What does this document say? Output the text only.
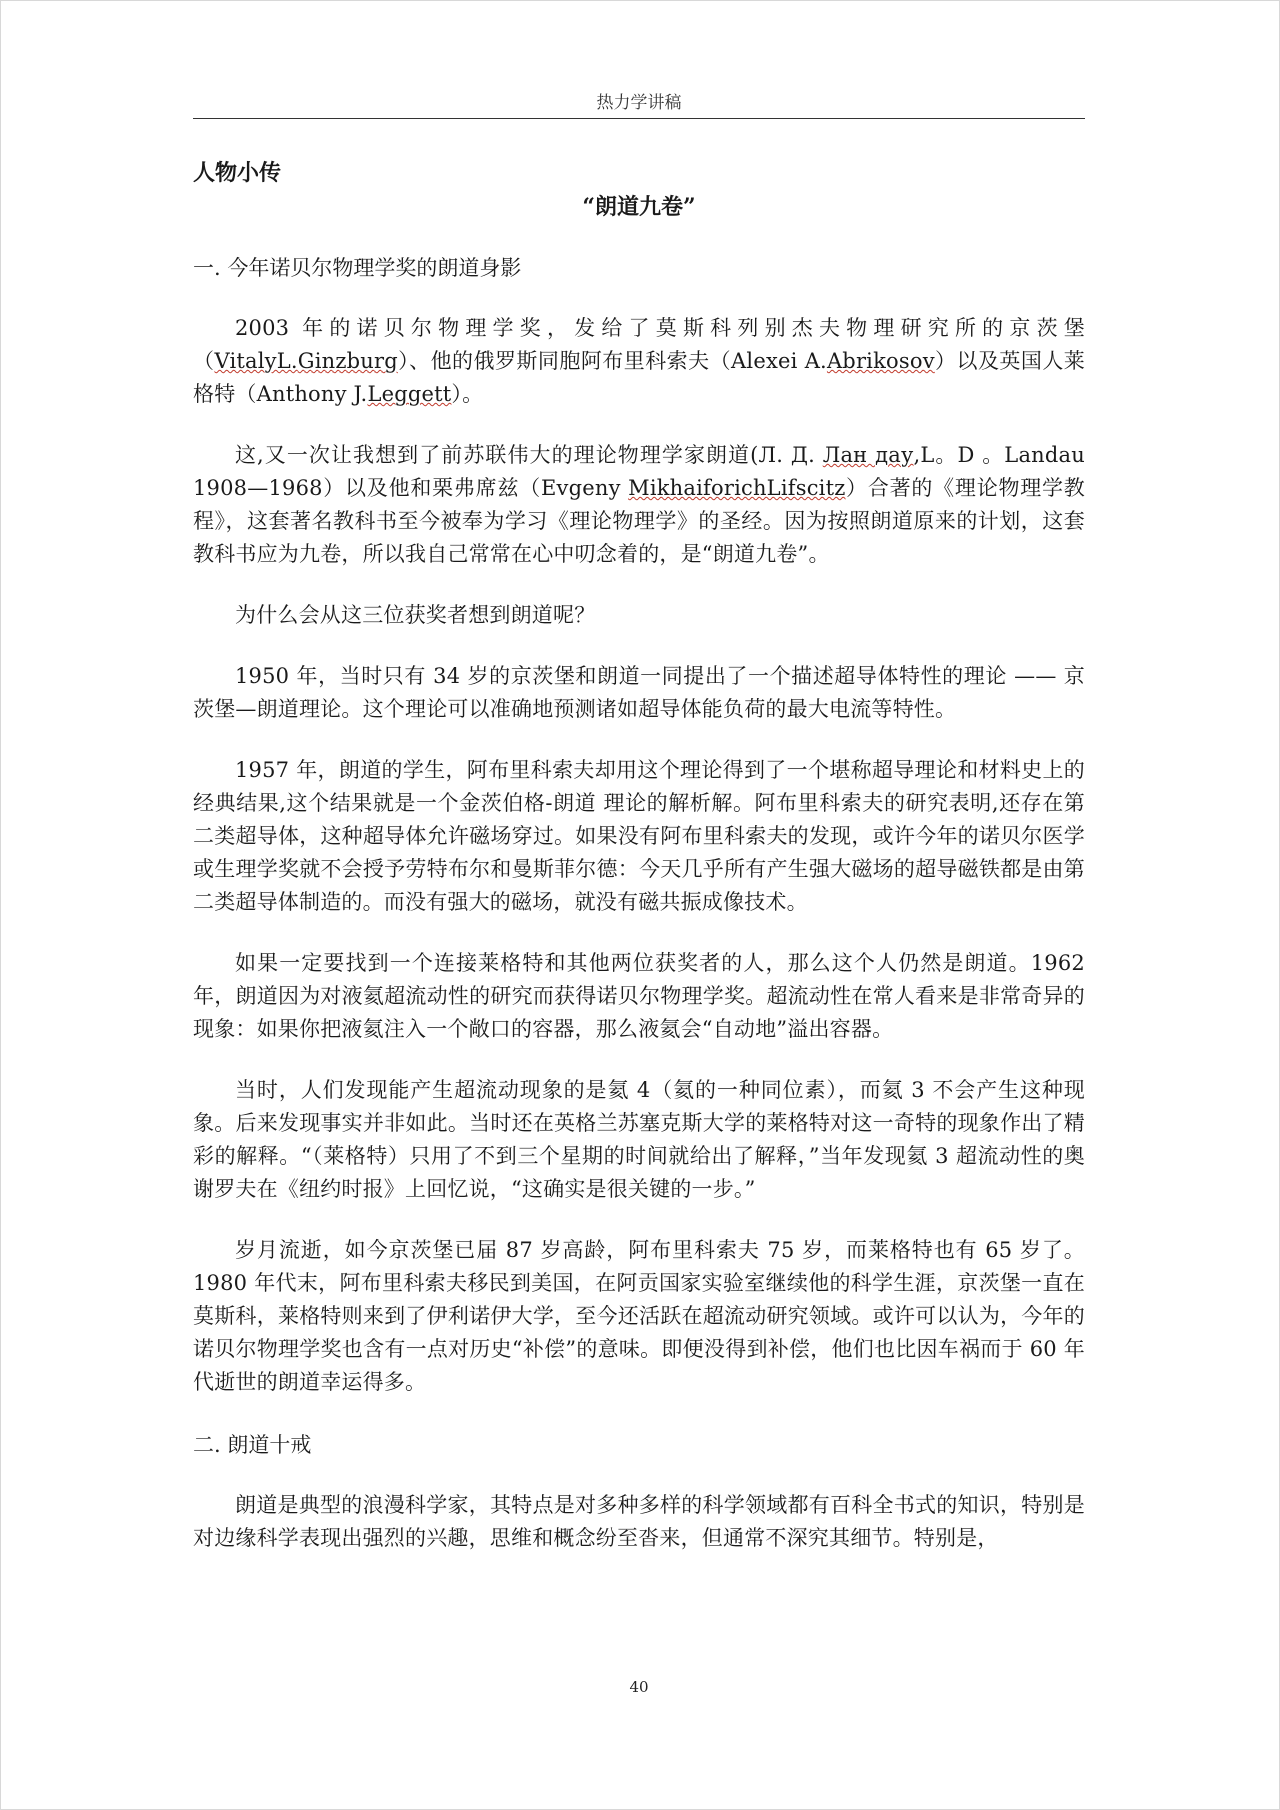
热力学讲稿
人物小传
“朗道九卷”
一. 今年诺贝尔物理学奖的朗道身影

2003 年的诺贝尔物理学奖，发给了莫斯科列别杰夫物理研究所的京茨堡（VitalyL.Ginzburg）、他的俄罗斯同胞阿布里科索夫（Alexei A.Abrikosov）以及英国人莱格特（Anthony J.Leggett）。

这,又一次让我想到了前苏联伟大的理论物理学家朗道(Л. Д. Лан дау,L。D 。Landau 1908—1968）以及他和栗弗席兹（Evgeny MikhaiforichLifscitz）合著的《理论物理学教程》，这套著名教科书至今被奉为学习《理论物理学》的圣经。因为按照朗道原来的计划，这套教科书应为九卷，所以我自己常常在心中叨念着的，是“朗道九卷”。

为什么会从这三位获奖者想到朗道呢？

1950 年，当时只有 34 岁的京茨堡和朗道一同提出了一个描述超导体特性的理论 —— 京茨堡—朗道理论。这个理论可以准确地预测诸如超导体能负荷的最大电流等特性。

1957 年，朗道的学生，阿布里科索夫却用这个理论得到了一个堪称超导理论和材料史上的经典结果,这个结果就是一个金茨伯格-朗道 理论的解析解。阿布里科索夫的研究表明,还存在第二类超导体，这种超导体允许磁场穿过。如果没有阿布里科索夫的发现，或许今年的诺贝尔医学或生理学奖就不会授予劳特布尔和曼斯菲尔德：今天几乎所有产生强大磁场的超导磁铁都是由第二类超导体制造的。而没有强大的磁场，就没有磁共振成像技术。

如果一定要找到一个连接莱格特和其他两位获奖者的人，那么这个人仍然是朗道。1962 年，朗道因为对液氦超流动性的研究而获得诺贝尔物理学奖。超流动性在常人看来是非常奇异的现象：如果你把液氦注入一个敞口的容器，那么液氦会“自动地”溢出容器。

当时，人们发现能产生超流动现象的是氦 4（氦的一种同位素），而氦 3 不会产生这种现象。后来发现事实并非如此。当时还在英格兰苏塞克斯大学的莱格特对这一奇特的现象作出了精彩的解释。“（莱格特）只用了不到三个星期的时间就给出了解释，”当年发现氦 3 超流动性的奥谢罗夫在《纽约时报》上回忆说，“这确实是很关键的一步。”

岁月流逝，如今京茨堡已届 87 岁高龄，阿布里科索夫 75 岁，而莱格特也有 65 岁了。1980 年代末，阿布里科索夫移民到美国，在阿贡国家实验室继续他的科学生涯，京茨堡一直在莫斯科，莱格特则来到了伊利诺伊大学，至今还活跃在超流动研究领域。或许可以认为，今年的诺贝尔物理学奖也含有一点对历史“补偿”的意味。即便没得到补偿，他们也比因车祸而于 60 年代逝世的朗道幸运得多。

二. 朗道十戒

朗道是典型的浪漫科学家，其特点是对多种多样的科学领域都有百科全书式的知识，特别是对边缘科学表现出强烈的兴趣，思维和概念纷至沓来，但通常不深究其细节。特别是，

40
